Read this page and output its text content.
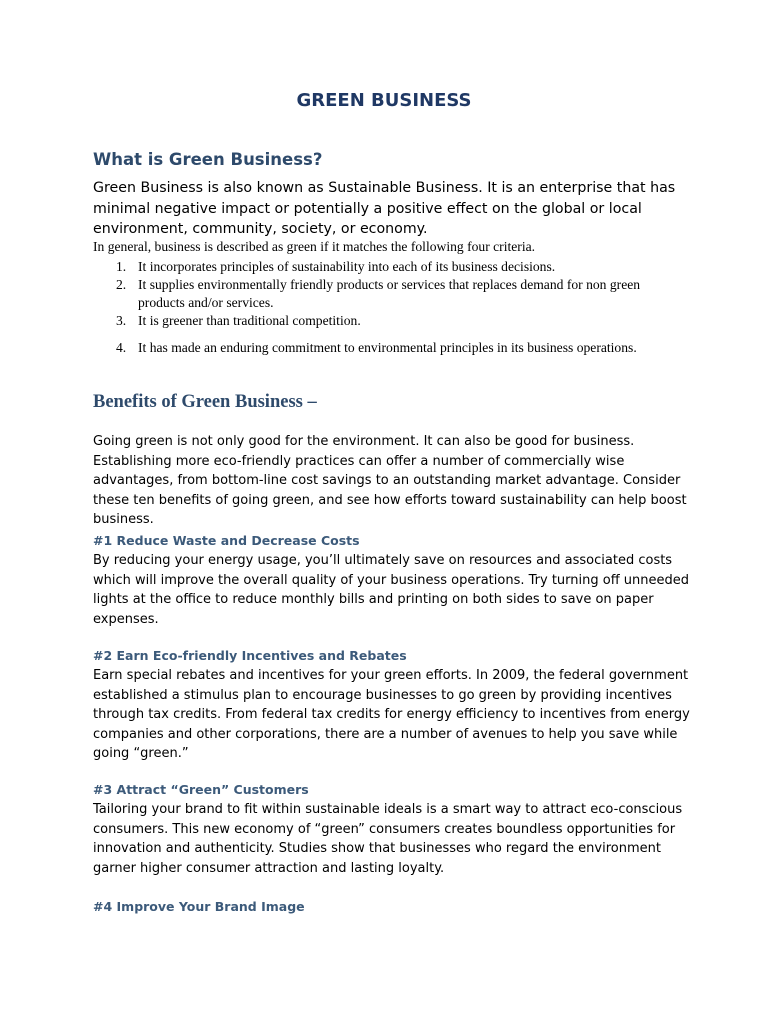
GREEN BUSINESS
What is Green Business?

Green Business is also known as Sustainable Business. It is an enterprise that has minimal negative impact or potentially a positive effect on the global or local environment, community, society, or economy.

In general, business is described as green if it matches the following four criteria.

1. It incorporates principles of sustainability into each of its business decisions.
2. It supplies environmentally friendly products or services that replaces demand for non green products and/or services.
3. It is greener than traditional competition.
4. It has made an enduring commitment to environmental principles in its business operations.
Benefits of Green Business –

Going green is not only good for the environment. It can also be good for business. Establishing more eco-friendly practices can offer a number of commercially wise advantages, from bottom-line cost savings to an outstanding market advantage. Consider these ten benefits of going green, and see how efforts toward sustainability can help boost business.

#1 Reduce Waste and Decrease Costs

By reducing your energy usage, you’ll ultimately save on resources and associated costs which will improve the overall quality of your business operations. Try turning off unneeded lights at the office to reduce monthly bills and printing on both sides to save on paper expenses.

#2 Earn Eco-friendly Incentives and Rebates

Earn special rebates and incentives for your green efforts. In 2009, the federal government established a stimulus plan to encourage businesses to go green by providing incentives through tax credits. From federal tax credits for energy efficiency to incentives from energy companies and other corporations, there are a number of avenues to help you save while going “green.”

#3 Attract “Green” Customers

Tailoring your brand to fit within sustainable ideals is a smart way to attract eco-conscious consumers. This new economy of “green” consumers creates boundless opportunities for innovation and authenticity. Studies show that businesses who regard the environment garner higher consumer attraction and lasting loyalty.

#4 Improve Your Brand Image
